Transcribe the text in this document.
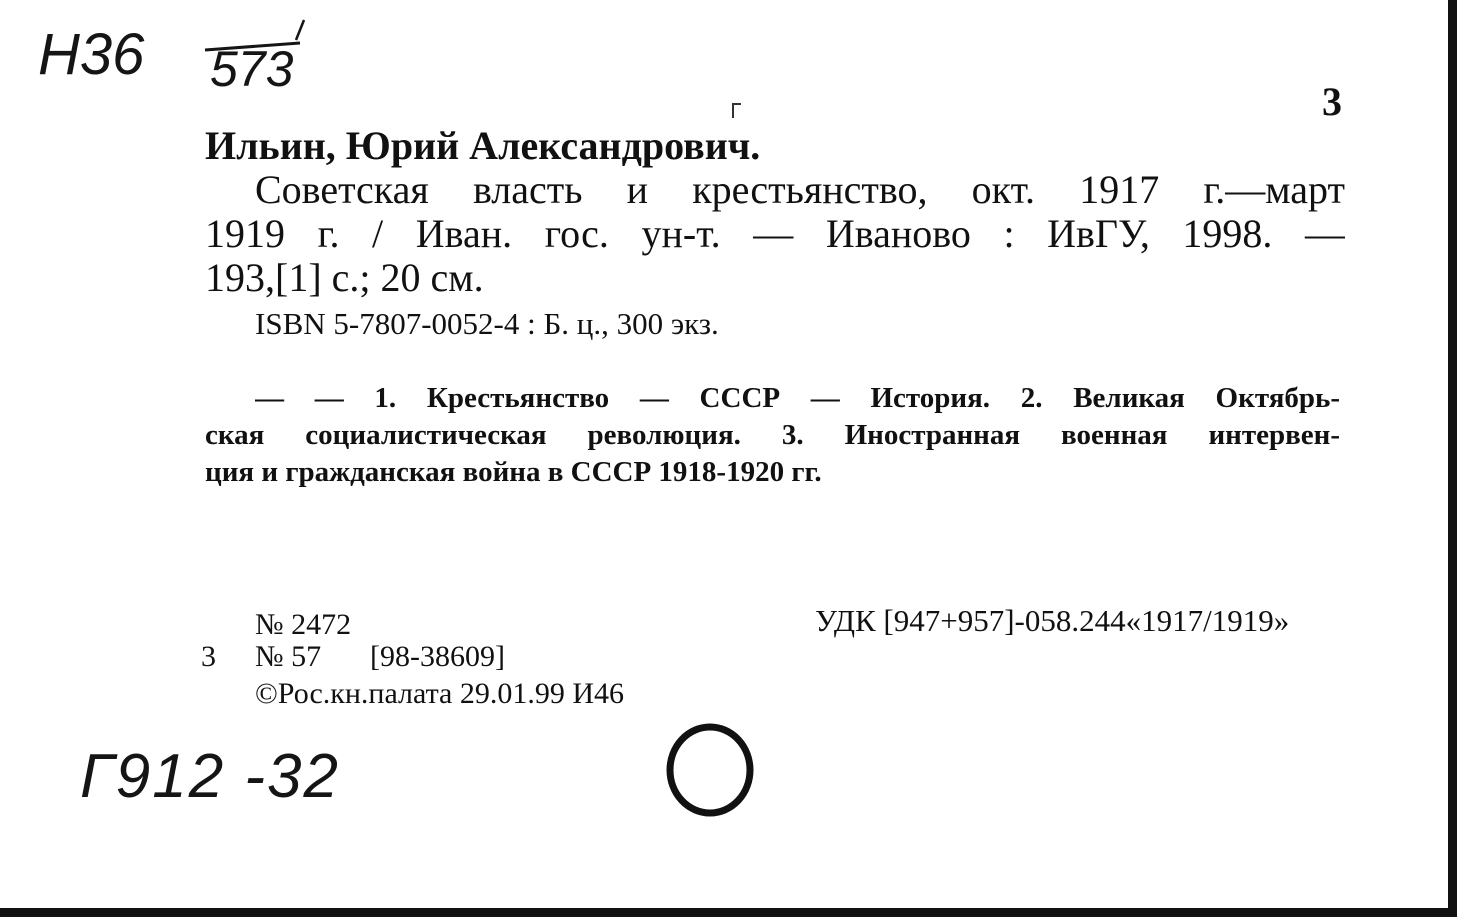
Н36 573
3
Ильин, Юрий Александрович.
Советская власть и крестьянство, окт. 1917 г.—март
1919 г. / Иван. гос. ун-т. — Иваново : ИвГУ, 1998. —
193,[1] с.; 20 см.
ISBN 5-7807-0052-4 : Б. ц., 300 экз.
— — 1. Крестьянство — СССР — История. 2. Великая Октябрь-
ская социалистическая революция. 3. Иностранная военная интервен-
ция и гражданская война в СССР 1918-1920 гг.
№ 2472	УДК [947+957]-058.244«1917/1919»
3 № 57 [98-38609]
©Рос.кн.палата 29.01.99 И46
Г912 -32
